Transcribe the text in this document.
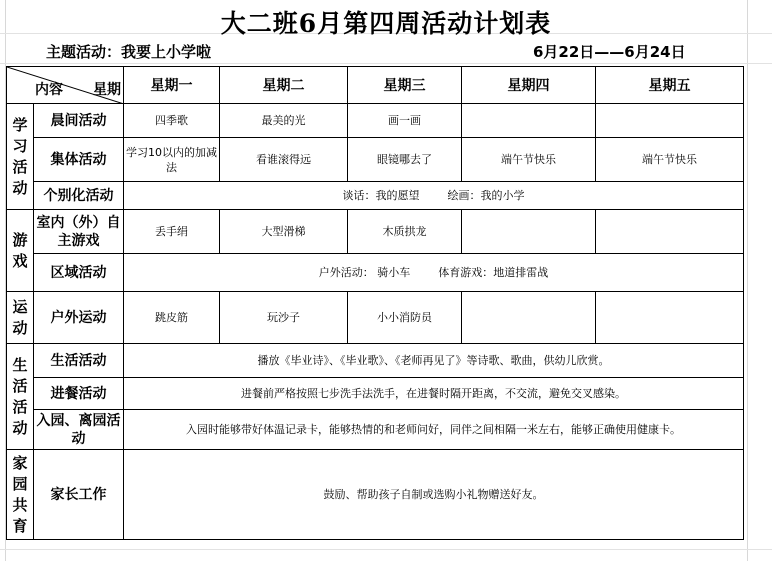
大二班6月第四周活动计划表
主题活动：我要上小学啦	6月22日——6月24日
内容 星期		星期一	星期二	星期三	星期四	星期五
学习活动	晨间活动	四季歌	最美的光	画一画		
	集体活动	学习10以内的加减法	看谁滚得远	眼镜哪去了	端午节快乐	端午节快乐
	个别化活动	谈话：我的愿望 绘画：我的小学				
游戏	室内（外）自主游戏	丢手绢	大型滑梯	木质拱龙		
	区域活动	户外活动： 骑小车 体育游戏：地道排雷战				
运动	户外运动	跳皮筋	玩沙子	小小消防员		
生活活动	生活活动	播放《毕业诗》、《毕业歌》、《老师再见了》等诗歌、歌曲，供幼儿欣赏。				
	进餐活动	进餐前严格按照七步洗手法洗手，在进餐时隔开距离，不交流，避免交叉感染。				
	入园、离园活动	入园时能够带好体温记录卡，能够热情的和老师问好，同伴之间相隔一米左右，能够正确使用健康卡。				
家园共育	家长工作	鼓励、帮助孩子自制或选购小礼物赠送好友。				
